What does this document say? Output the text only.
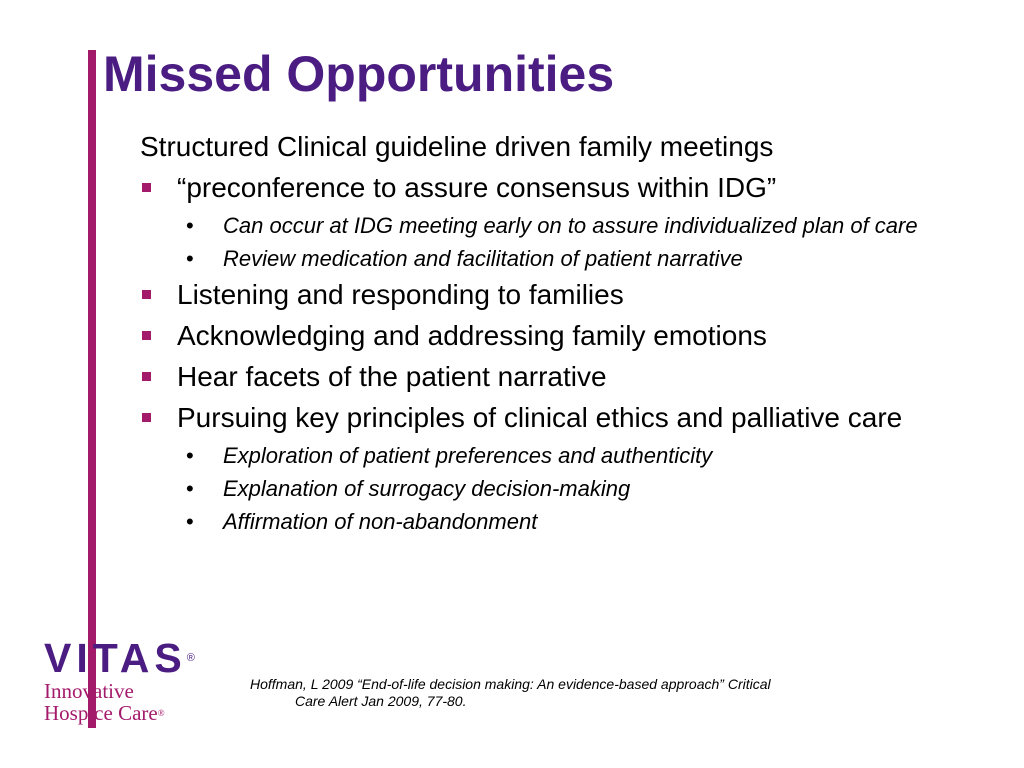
Missed Opportunities
Structured Clinical guideline driven family meetings
“preconference to assure consensus within IDG”
• Can occur at IDG meeting early on to assure individualized plan of care
• Review medication and facilitation of patient narrative
Listening and responding to families
Acknowledging and addressing family emotions
Hear facets of the patient narrative
Pursuing key principles of clinical ethics and palliative care
• Exploration of patient preferences and authenticity
• Explanation of surrogacy decision-making
• Affirmation of non-abandonment
VITAS®
Innovative
Hospice Care®
Hoffman, L 2009 “End-of-life decision making: An evidence-based approach” Critical
Care Alert Jan 2009, 77-80.
